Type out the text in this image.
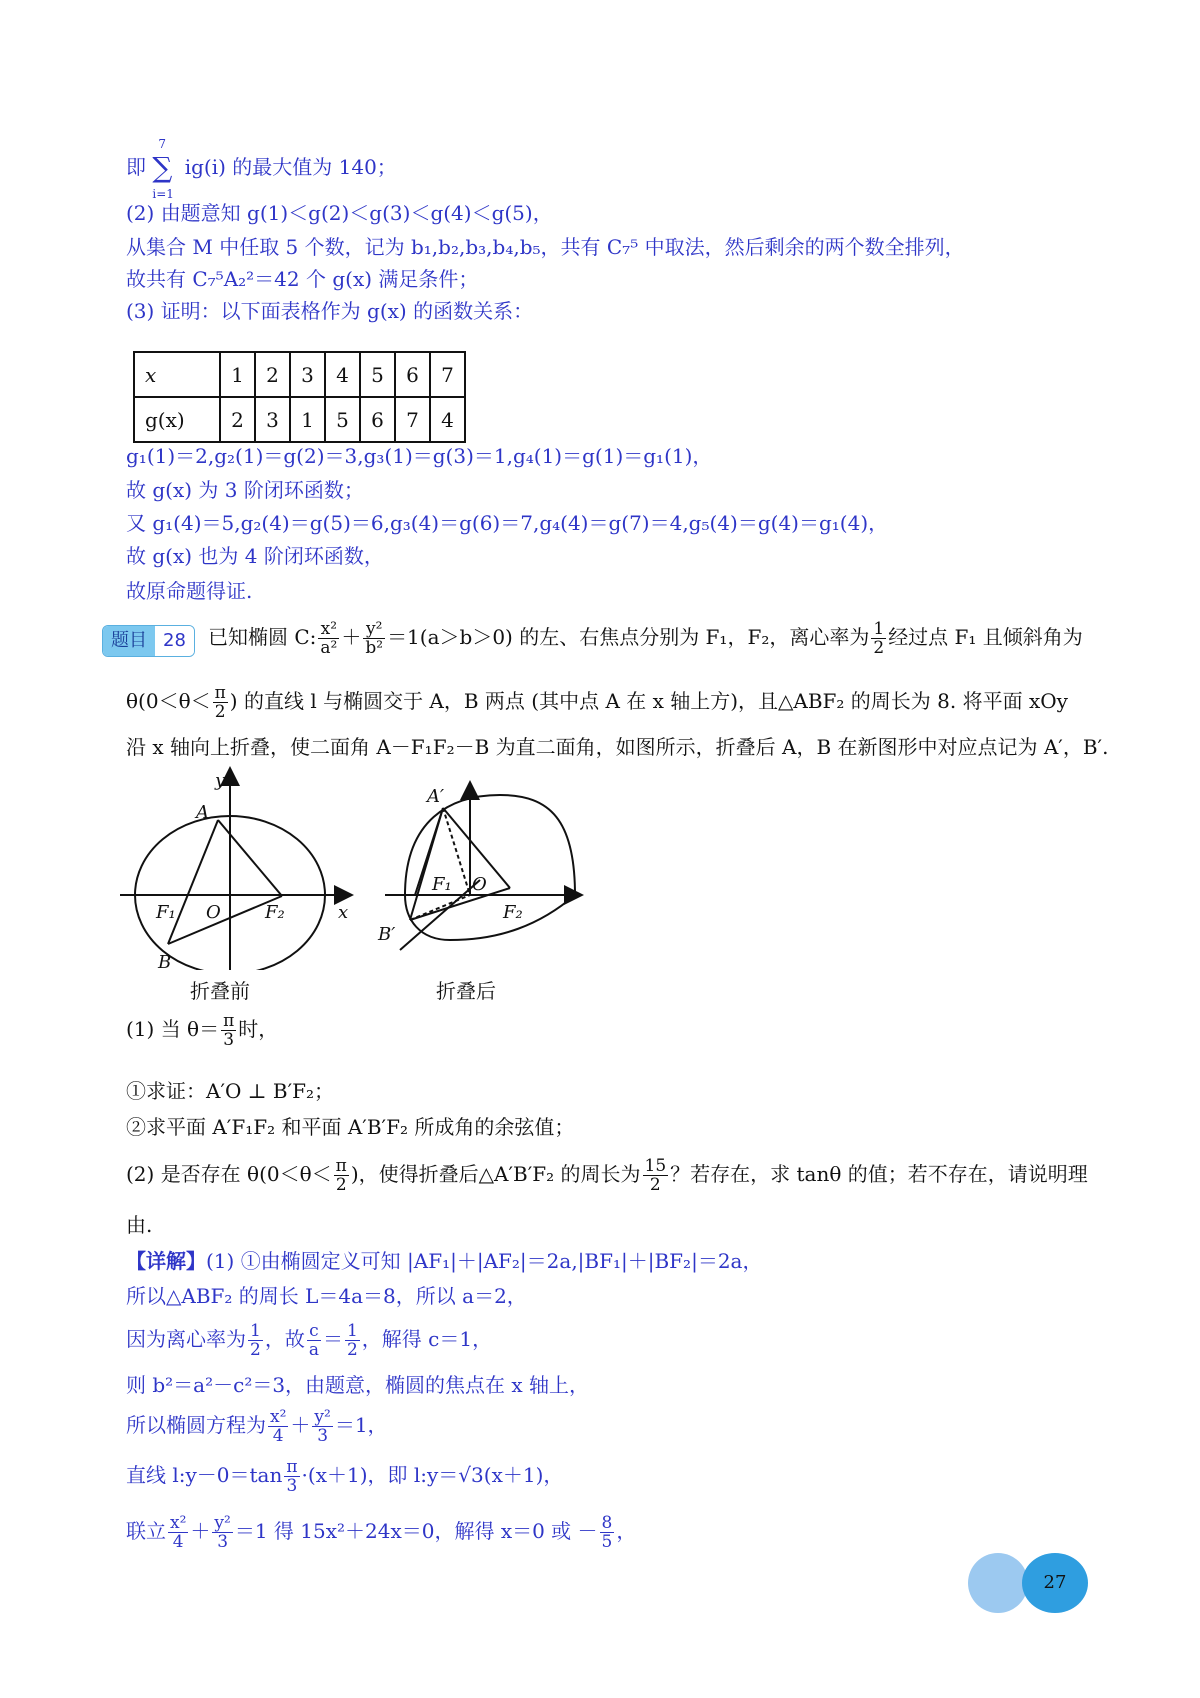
即
7
∑
i=1
ig(i) 的最大值为 140；
(2) 由题意知 g(1)＜g(2)＜g(3)＜g(4)＜g(5)，
从集合 M 中任取 5 个数，记为 b₁,b₂,b₃,b₄,b₅，共有 C₇⁵ 中取法，然后剩余的两个数全排列，
故共有 C₇⁵A₂²＝42 个 g(x) 满足条件；
(3) 证明：以下面表格作为 g(x) 的函数关系：
x	1	2	3	4	5	6	7
g(x)	2	3	1	5	6	7	4
g₁(1)＝2,g₂(1)＝g(2)＝3,g₃(1)＝g(3)＝1,g₄(1)＝g(1)＝g₁(1)，
故 g(x) 为 3 阶闭环函数；
又 g₁(4)＝5,g₂(4)＝g(5)＝6,g₃(4)＝g(6)＝7,g₄(4)＝g(7)＝4,g₅(4)＝g(4)＝g₁(4)，
故 g(x) 也为 4 阶闭环函数，
故原命题得证.
题目 28	已知椭圆 C: $\frac{\text{x²}}{\text{a²}} + \frac{\text{y²}}{\text{b²}} =1(a>b>0)$ 的左、右焦点分别为 F₁，F₂，离心率为 $\frac{1}{2}$ 经过点 F₁ 且倾斜角为
$\theta(0<\theta< \frac{\pi}{2}$ ) 的直线 l 与椭圆交于 A，B 两点 (其中点 A 在 x 轴上方)，且△ABF₂ 的周长为 8. 将平面 xOy
沿 x 轴向上折叠，使二面角 A－F₁F₂－B 为直二面角，如图所示，折叠后 A，B 在新图形中对应点记为 A′，B′.
y
x
A
B
O
F₁	F₂
A′
B′
O
F₁
F₂
折叠前	折叠后
(1) 当 $\theta= \frac{\pi}{3}$ 时，
①求证：A′O ⊥ B′F₂；
②求平面 A′F₁F₂ 和平面 A′B′F₂ 所成角的余弦值；
(2) 是否存在 $\theta(0<\theta< \frac{\pi}{2}$ )，使得折叠后△A′B′F₂ 的周长为 $\frac{15}{2}$ ？若存在，求 tanθ 的值；若不存在，请说明理
由.
【详解】(1) ①由椭圆定义可知 |AF₁|＋|AF₂|＝2a,|BF₁|＋|BF₂|＝2a，
所以△ABF₂ 的周长 L＝4a＝8，所以 a＝2，
因为离心率为 $\frac{1}{2}$ ，故 $\frac{c}{a} = \frac{1}{2}$ ，解得 c＝1，
则 b²＝a²－c²＝3，由题意，椭圆的焦点在 x 轴上，
所以椭圆方程为 $\frac{\text{x²}}{4} + \frac{\text{y²}}{3} =1$，
直线 l:y－0＝tan $\frac{\pi}{3} \cdot(x+1)$，即 l:y＝√3(x＋1)，
联立 $\frac{\text{x²}}{4} + \frac{\text{y²}}{3} =1$ 得 15x²＋24x＝0，解得 x＝0 或 － $\frac{8}{5}$ ，
27
